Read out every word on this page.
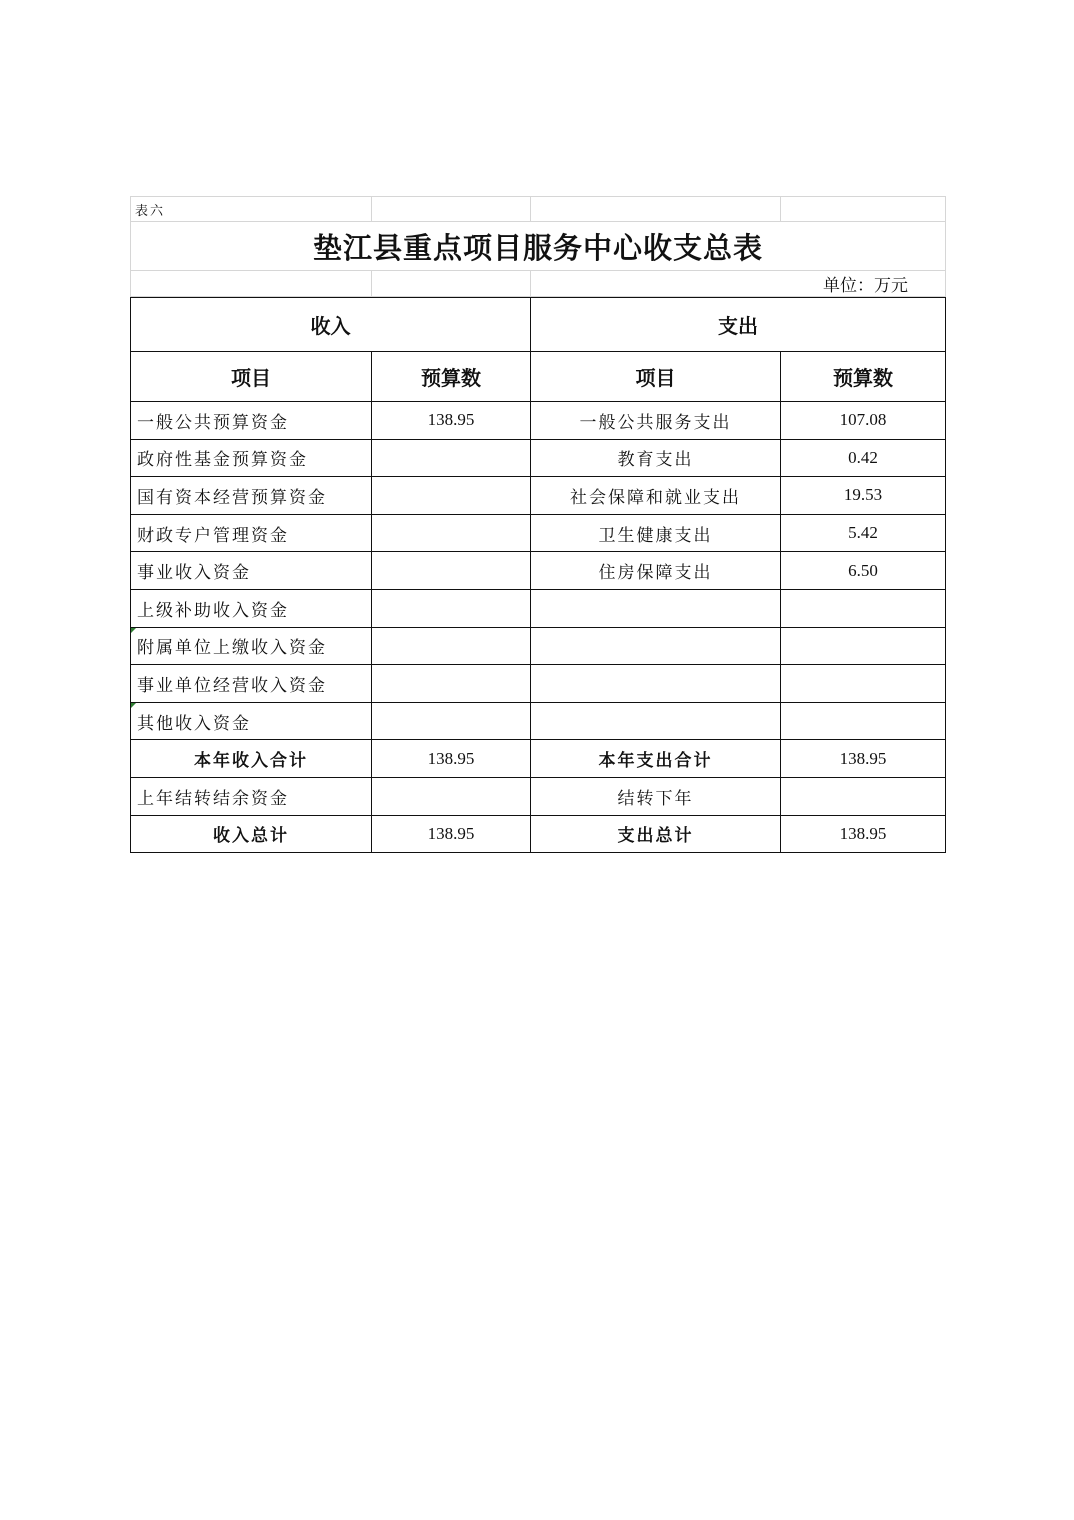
表六			
垫江县重点项目服务中心收支总表			
		单位：万元	
收入		支出	
项目	预算数	项目	预算数
一般公共预算资金	138.95	一般公共服务支出	107.08
政府性基金预算资金		教育支出	0.42
国有资本经营预算资金		社会保障和就业支出	19.53
财政专户管理资金		卫生健康支出	5.42
事业收入资金		住房保障支出	6.50
上级补助收入资金			
附属单位上缴收入资金			
事业单位经营收入资金			
其他收入资金			
本年收入合计	138.95	本年支出合计	138.95
上年结转结余资金		结转下年	
收入总计	138.95	支出总计	138.95
